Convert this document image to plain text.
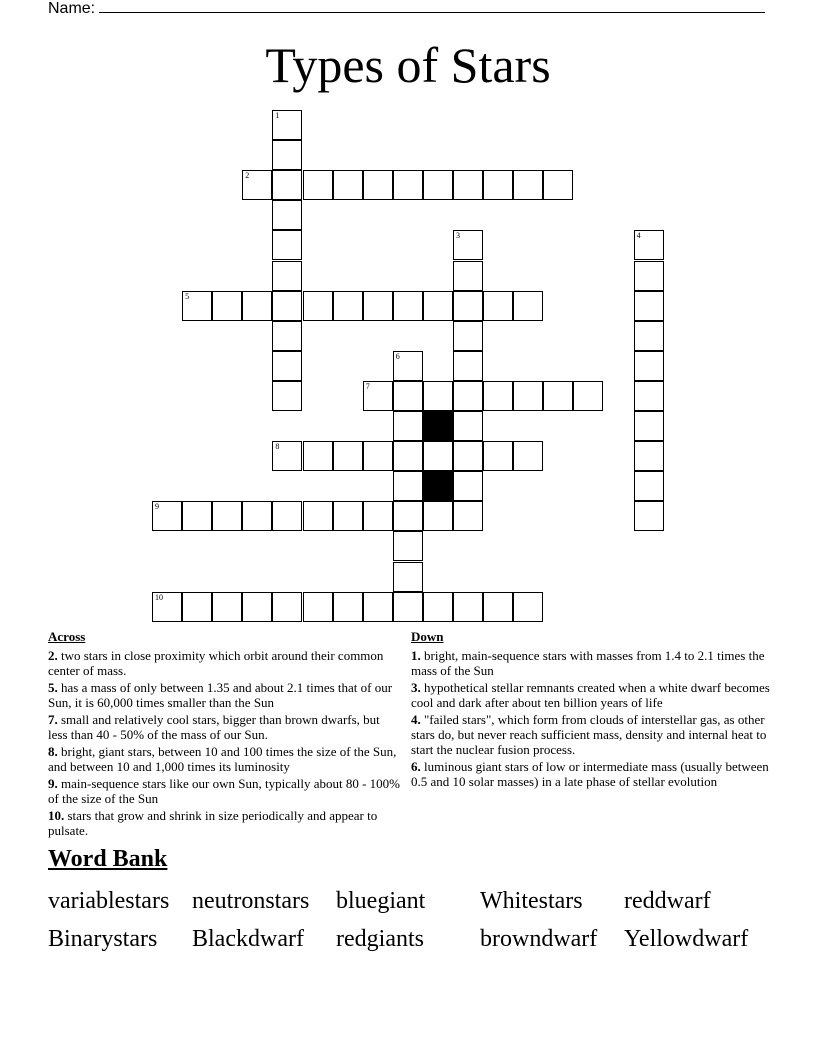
Name:
Types of Stars
2
5
7
8
9
10
1
3	4
6
Across
2. two stars in close proximity which orbit around their common center of mass.
5. has a mass of only between 1.35 and about 2.1 times that of our Sun, it is 60,000 times smaller than the Sun
7. small and relatively cool stars, bigger than brown dwarfs, but less than 40 - 50% of the mass of our Sun.
8. bright, giant stars, between 10 and 100 times the size of the Sun, and between 10 and 1,000 times its luminosity
9. main-sequence stars like our own Sun, typically about 80 - 100% of the size of the Sun
10. stars that grow and shrink in size periodically and appear to pulsate.
Down
1. bright, main-sequence stars with masses from 1.4 to 2.1 times the mass of the Sun
3. hypothetical stellar remnants created when a white dwarf becomes cool and dark after about ten billion years of life
4. "failed stars", which form from clouds of interstellar gas, as other stars do, but never reach sufficient mass, density and internal heat to start the nuclear fusion process.
6. luminous giant stars of low or intermediate mass (usually between 0.5 and 10 solar masses) in a late phase of stellar evolution
Word Bank
variablestars neutronstars bluegiant Whitestars reddwarf
Binarystars Blackdwarf redgiants browndwarf Yellowdwarf
